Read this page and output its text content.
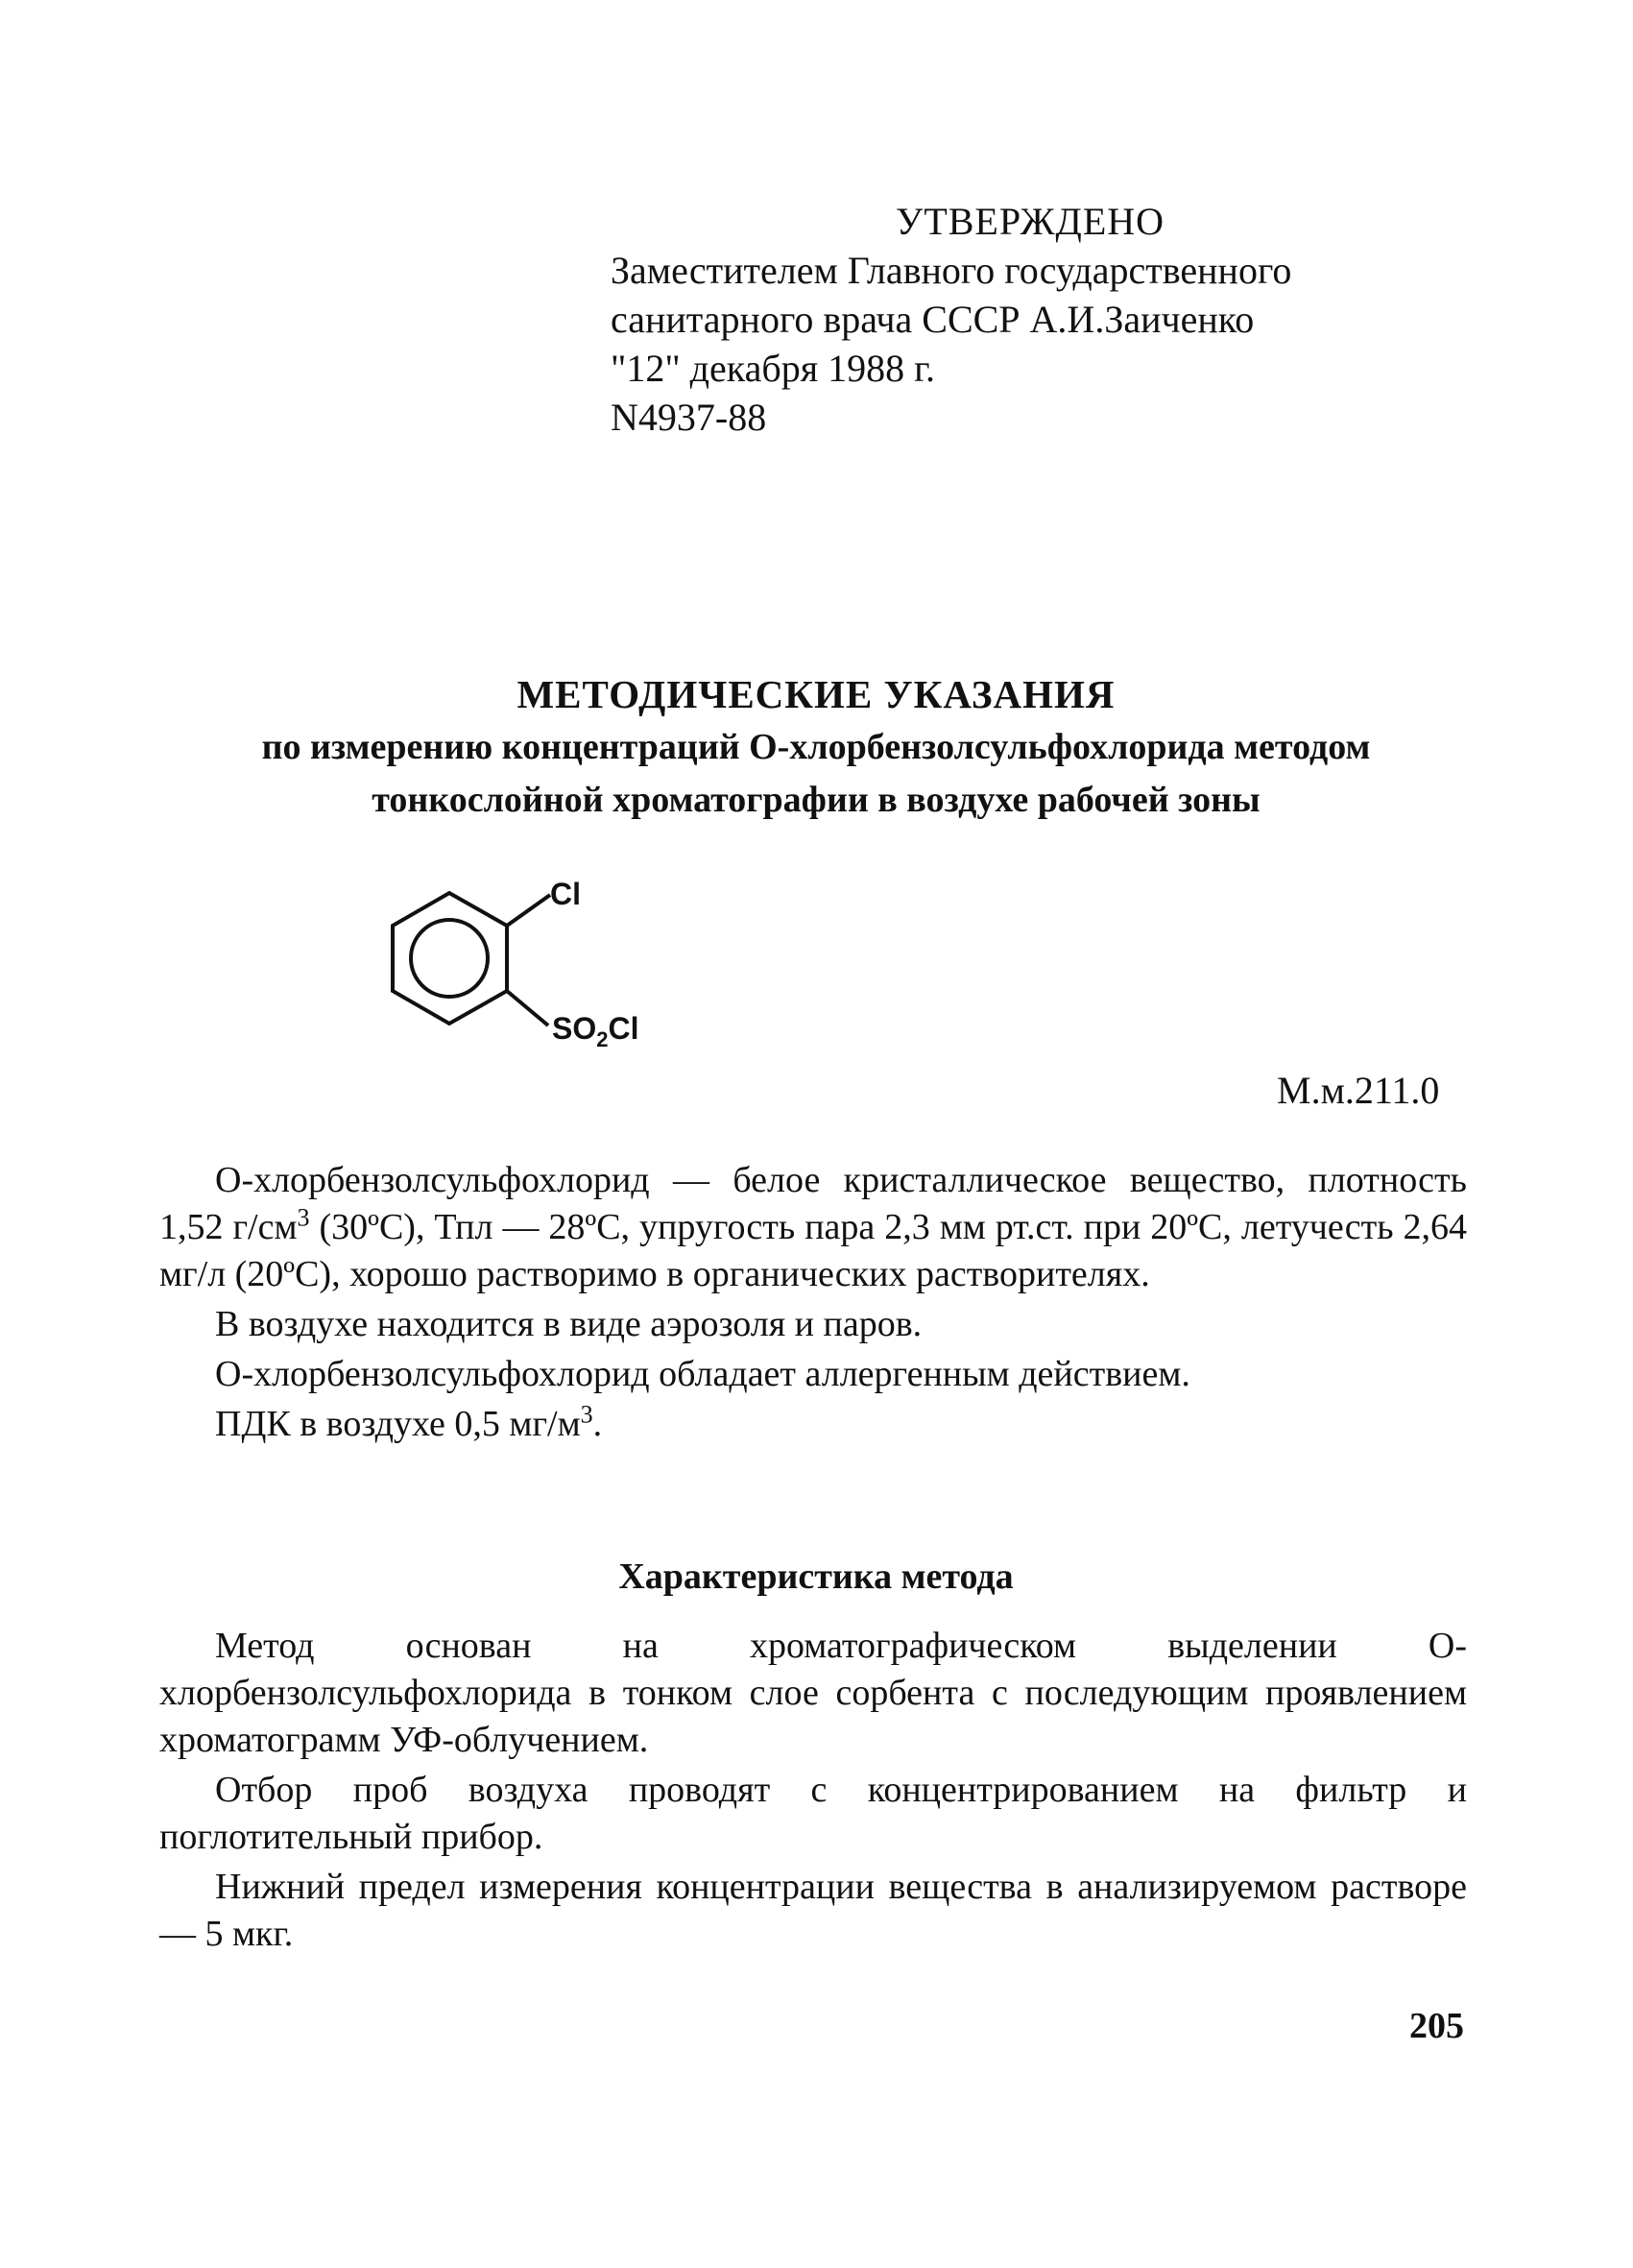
УТВЕРЖДЕНО
Заместителем Главного государственного
санитарного врача СССР А.И.Заиченко
"12" декабря 1988 г.
N4937-88
МЕТОДИЧЕСКИЕ УКАЗАНИЯ
по измерению концентраций О-хлорбензолсульфохлорида методом
тонкослойной хроматографии в воздухе рабочей зоны
Cl
$SO_2Cl$
М.м.211.0

О-хлорбензолсульфохлорид — белое кристаллическое вещество, плотность 1,52 $г/см^3$ (30ºС), Тпл — 28ºС, упругость пара 2,3 мм рт.ст. при 20ºС, летучесть 2,64 мг/л (20ºС), хорошо растворимо в органических растворителях.

В воздухе находится в виде аэрозоля и паров.

О-хлорбензолсульфохлорид обладает аллергенным действием.

ПДК в воздухе 0,5 $мг/м^3$.

Характеристика метода

Метод основан на хроматографическом выделении О-хлорбензолсульфохлорида в тонком слое сорбента с последующим проявлением хроматограмм УФ-облучением.

Отбор проб воздуха проводят с концентрированием на фильтр и поглотительный прибор.

Нижний предел измерения концентрации вещества в анализируемом растворе — 5 мкг.

205
